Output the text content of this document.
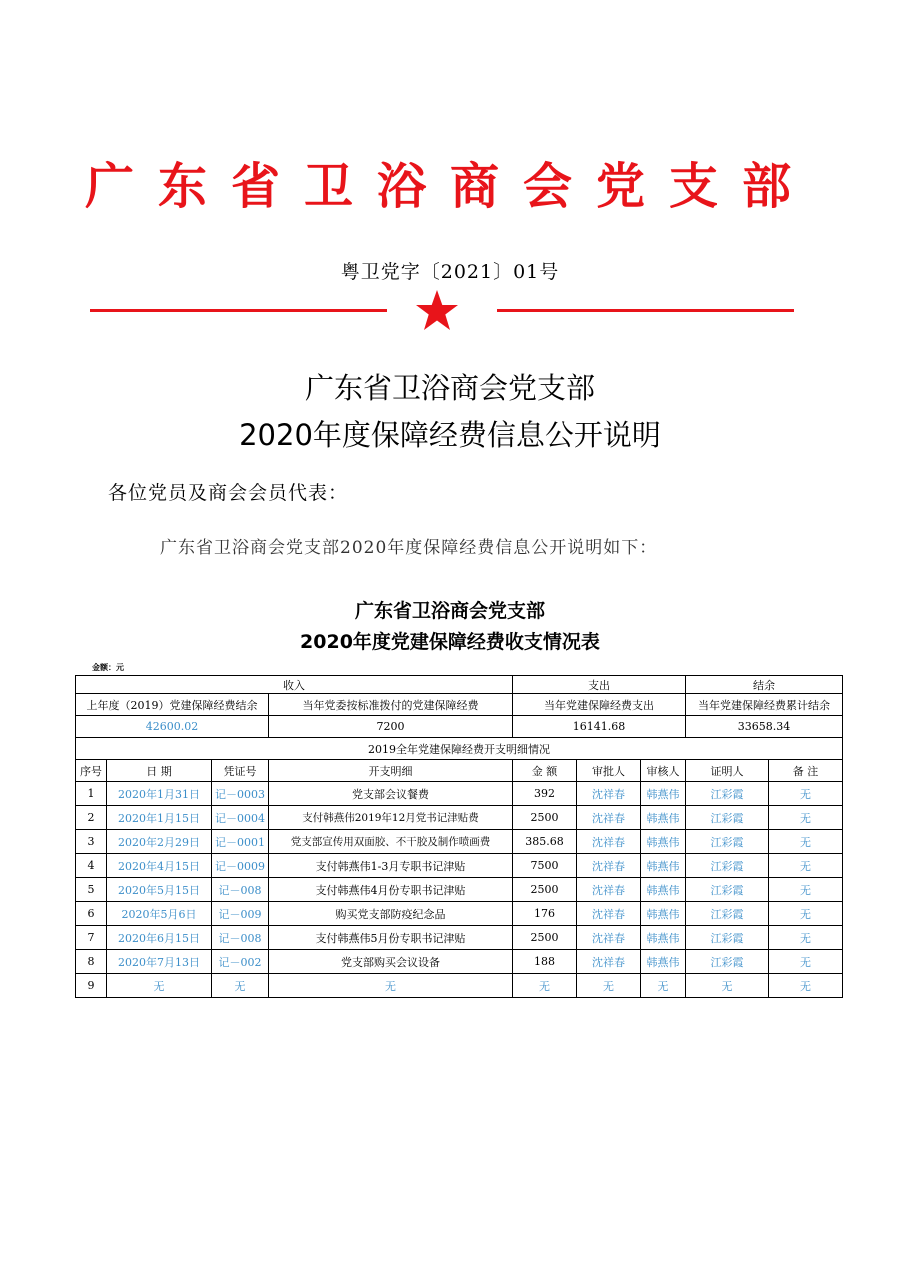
广东省卫浴商会党支部
粤卫党字〔2021〕01号
广东省卫浴商会党支部
2020年度保障经费信息公开说明
各位党员及商会会员代表：
广东省卫浴商会党支部2020年度保障经费信息公开说明如下：
广东省卫浴商会党支部
2020年度党建保障经费收支情况表
金额：元
收入				支出			结余	
上年度（2019）党建保障经费结余			当年党委按标准拨付的党建保障经费	当年党建保障经费支出			当年党建保障经费累计结余	
42600.02			7200	16141.68			33658.34	
2019全年党建保障经费开支明细情况								
序号	日 期	凭证号	开支明细	金 额	审批人	审核人	证明人	备 注
1	2020年1月31日	记－0003	党支部会议餐费	392	沈祥春	韩燕伟	江彩霞	无
2	2020年1月15日	记－0004	支付韩燕伟2019年12月党书记津贴费	2500	沈祥春	韩燕伟	江彩霞	无
3	2020年2月29日	记－0001	党支部宣传用双面胶、不干胶及制作喷画费	385.68	沈祥春	韩燕伟	江彩霞	无
4	2020年4月15日	记－0009	支付韩燕伟1-3月专职书记津贴	7500	沈祥春	韩燕伟	江彩霞	无
5	2020年5月15日	记－008	支付韩燕伟4月份专职书记津贴	2500	沈祥春	韩燕伟	江彩霞	无
6	2020年5月6日	记－009	购买党支部防疫纪念品	176	沈祥春	韩燕伟	江彩霞	无
7	2020年6月15日	记－008	支付韩燕伟5月份专职书记津贴	2500	沈祥春	韩燕伟	江彩霞	无
8	2020年7月13日	记－002	党支部购买会议设备	188	沈祥春	韩燕伟	江彩霞	无
9	无	无	无	无	无	无	无	无
